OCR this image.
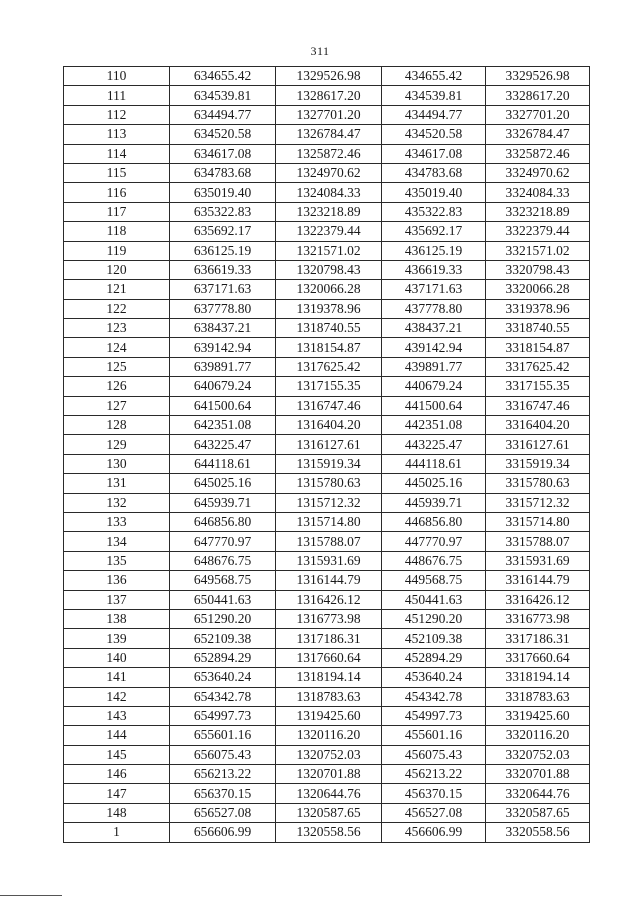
311
110	634655.42	1329526.98	434655.42	3329526.98
111	634539.81	1328617.20	434539.81	3328617.20
112	634494.77	1327701.20	434494.77	3327701.20
113	634520.58	1326784.47	434520.58	3326784.47
114	634617.08	1325872.46	434617.08	3325872.46
115	634783.68	1324970.62	434783.68	3324970.62
116	635019.40	1324084.33	435019.40	3324084.33
117	635322.83	1323218.89	435322.83	3323218.89
118	635692.17	1322379.44	435692.17	3322379.44
119	636125.19	1321571.02	436125.19	3321571.02
120	636619.33	1320798.43	436619.33	3320798.43
121	637171.63	1320066.28	437171.63	3320066.28
122	637778.80	1319378.96	437778.80	3319378.96
123	638437.21	1318740.55	438437.21	3318740.55
124	639142.94	1318154.87	439142.94	3318154.87
125	639891.77	1317625.42	439891.77	3317625.42
126	640679.24	1317155.35	440679.24	3317155.35
127	641500.64	1316747.46	441500.64	3316747.46
128	642351.08	1316404.20	442351.08	3316404.20
129	643225.47	1316127.61	443225.47	3316127.61
130	644118.61	1315919.34	444118.61	3315919.34
131	645025.16	1315780.63	445025.16	3315780.63
132	645939.71	1315712.32	445939.71	3315712.32
133	646856.80	1315714.80	446856.80	3315714.80
134	647770.97	1315788.07	447770.97	3315788.07
135	648676.75	1315931.69	448676.75	3315931.69
136	649568.75	1316144.79	449568.75	3316144.79
137	650441.63	1316426.12	450441.63	3316426.12
138	651290.20	1316773.98	451290.20	3316773.98
139	652109.38	1317186.31	452109.38	3317186.31
140	652894.29	1317660.64	452894.29	3317660.64
141	653640.24	1318194.14	453640.24	3318194.14
142	654342.78	1318783.63	454342.78	3318783.63
143	654997.73	1319425.60	454997.73	3319425.60
144	655601.16	1320116.20	455601.16	3320116.20
145	656075.43	1320752.03	456075.43	3320752.03
146	656213.22	1320701.88	456213.22	3320701.88
147	656370.15	1320644.76	456370.15	3320644.76
148	656527.08	1320587.65	456527.08	3320587.65
1	656606.99	1320558.56	456606.99	3320558.56
